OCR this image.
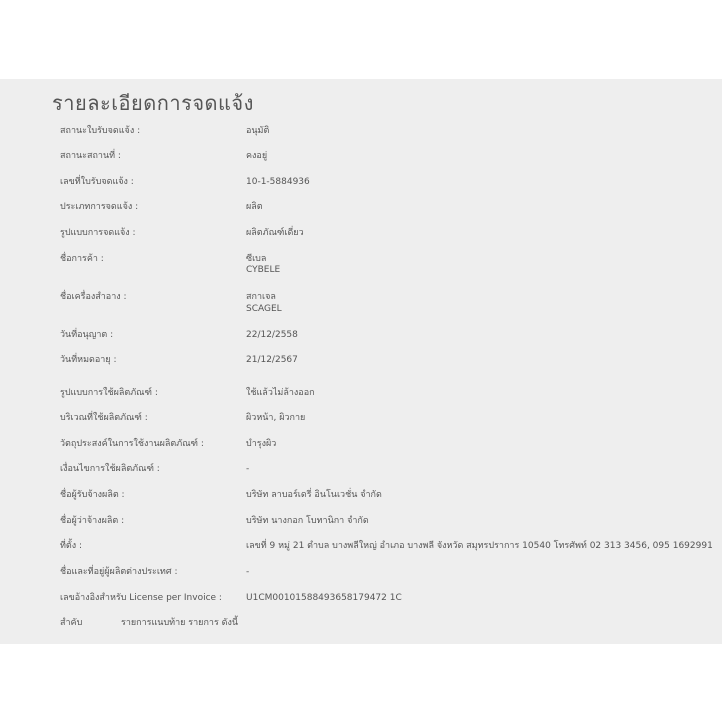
รายละเอียดการจดแจ้ง
สถานะใบรับจดแจ้ง :	อนุมัติ
สถานะสถานที่ :	คงอยู่
เลขที่ใบรับจดแจ้ง :	10-1-5884936
ประเภทการจดแจ้ง :	ผลิต
รูปแบบการจดแจ้ง :	ผลิตภัณฑ์เดี่ยว
ชื่อการค้า :	ซีเบล
CYBELE
ชื่อเครื่องสำอาง :	สกาเจล
SCAGEL
วันที่อนุญาต :	22/12/2558
วันที่หมดอายุ :	21/12/2567
รูปแบบการใช้ผลิตภัณฑ์ :	ใช้แล้วไม่ล้างออก
บริเวณที่ใช้ผลิตภัณฑ์ :	ผิวหน้า, ผิวกาย
วัตถุประสงค์ในการใช้งานผลิตภัณฑ์ :	บำรุงผิว
เงื่อนไขการใช้ผลิตภัณฑ์ :	-
ชื่อผู้รับจ้างผลิต :	บริษัท ลาบอร์เดรี่ อินโนเวชั่น จำกัด
ชื่อผู้ว่าจ้างผลิต :	บริษัท นางกอก โบทานิกา จำกัด
ที่ตั้ง :	เลขที่ 9 หมู่ 21 ตำบล บางพลีใหญ่ อำเภอ บางพลี จังหวัด สมุทรปราการ 10540 โทรศัพท์ 02 313 3456, 095 1692991
ชื่อและที่อยู่ผู้ผลิตต่างประเทศ :	-
เลขอ้างอิงสำหรับ License per Invoice :	U1CM00101588493658179472 1C
สำคับ	รายการแนบท้าย รายการ ดังนี้
